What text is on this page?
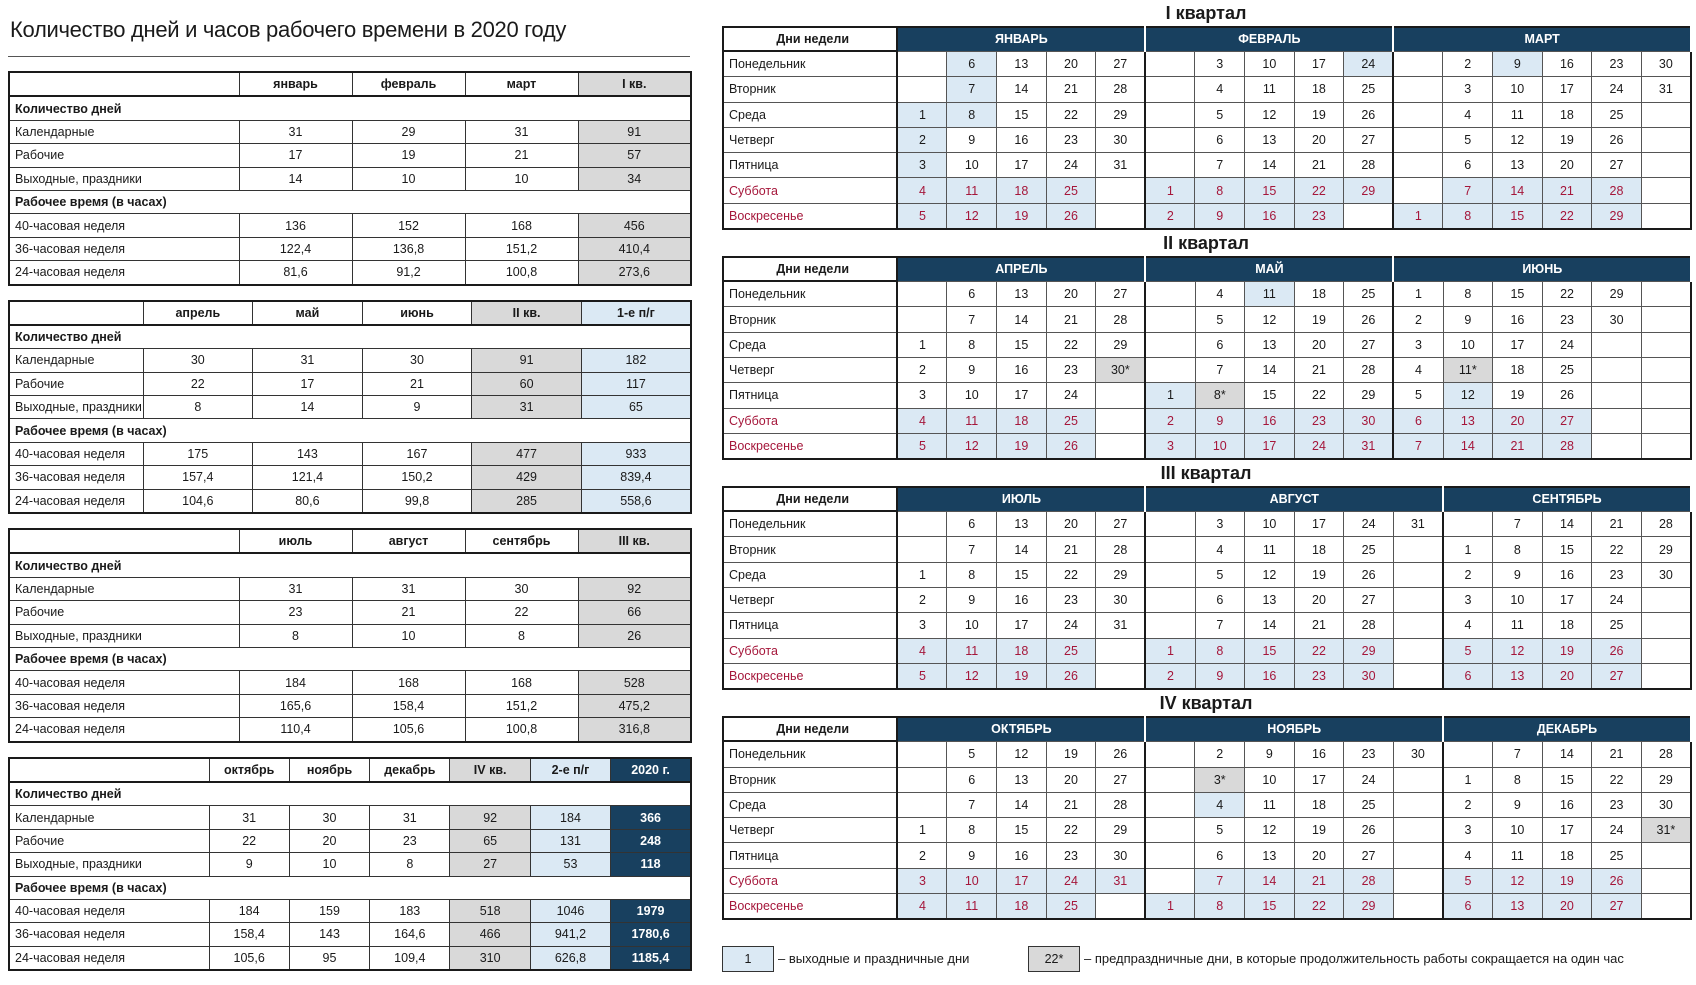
Количество дней и часов рабочего времени в 2020 году
	январь	февраль	март	I кв.
Количество дней				
Календарные	31	29	31	91
Рабочие	17	19	21	57
Выходные, праздники	14	10	10	34
Рабочее время (в часах)				
40-часовая неделя	136	152	168	456
36-часовая неделя	122,4	136,8	151,2	410,4
24-часовая неделя	81,6	91,2	100,8	273,6
	апрель	май	июнь	II кв.	1-е п/г
Количество дней					
Календарные	30	31	30	91	182
Рабочие	22	17	21	60	117
Выходные, праздники	8	14	9	31	65
Рабочее время (в часах)					
40-часовая неделя	175	143	167	477	933
36-часовая неделя	157,4	121,4	150,2	429	839,4
24-часовая неделя	104,6	80,6	99,8	285	558,6
	июль	август	сентябрь	III кв.
Количество дней				
Календарные	31	31	30	92
Рабочие	23	21	22	66
Выходные, праздники	8	10	8	26
Рабочее время (в часах)				
40-часовая неделя	184	168	168	528
36-часовая неделя	165,6	158,4	151,2	475,2
24-часовая неделя	110,4	105,6	100,8	316,8
	октябрь	ноябрь	декабрь	IV кв.	2-е п/г	2020 г.
Количество дней						
Календарные	31	30	31	92	184	366
Рабочие	22	20	23	65	131	248
Выходные, праздники	9	10	8	27	53	118
Рабочее время (в часах)						
40-часовая неделя	184	159	183	518	1046	1979
36-часовая неделя	158,4	143	164,6	466	941,2	1780,6
24-часовая неделя	105,6	95	109,4	310	626,8	1185,4
I квартал
Дни недели	ЯНВАРЬ					ФЕВРАЛЬ					МАРТ					
Понедельник		6	13	20	27		3	10	17	24		2	9	16	23	30
Вторник		7	14	21	28		4	11	18	25		3	10	17	24	31
Среда	1	8	15	22	29		5	12	19	26		4	11	18	25	
Четверг	2	9	16	23	30		6	13	20	27		5	12	19	26	
Пятница	3	10	17	24	31		7	14	21	28		6	13	20	27	
Суббота	4	11	18	25		1	8	15	22	29		7	14	21	28	
Воскресенье	5	12	19	26		2	9	16	23		1	8	15	22	29	
II квартал
Дни недели	АПРЕЛЬ					МАЙ					ИЮНЬ					
Понедельник		6	13	20	27		4	11	18	25	1	8	15	22	29	
Вторник		7	14	21	28		5	12	19	26	2	9	16	23	30	
Среда	1	8	15	22	29		6	13	20	27	3	10	17	24		
Четверг	2	9	16	23	30*		7	14	21	28	4	11*	18	25		
Пятница	3	10	17	24		1	8*	15	22	29	5	12	19	26		
Суббота	4	11	18	25		2	9	16	23	30	6	13	20	27		
Воскресенье	5	12	19	26		3	10	17	24	31	7	14	21	28		
III квартал
Дни недели	ИЮЛЬ					АВГУСТ						СЕНТЯБРЬ				
Понедельник		6	13	20	27		3	10	17	24	31		7	14	21	28
Вторник		7	14	21	28		4	11	18	25		1	8	15	22	29
Среда	1	8	15	22	29		5	12	19	26		2	9	16	23	30
Четверг	2	9	16	23	30		6	13	20	27		3	10	17	24	
Пятница	3	10	17	24	31		7	14	21	28		4	11	18	25	
Суббота	4	11	18	25		1	8	15	22	29		5	12	19	26	
Воскресенье	5	12	19	26		2	9	16	23	30		6	13	20	27	
IV квартал
Дни недели	ОКТЯБРЬ					НОЯБРЬ						ДЕКАБРЬ				
Понедельник		5	12	19	26		2	9	16	23	30		7	14	21	28
Вторник		6	13	20	27		3*	10	17	24		1	8	15	22	29
Среда		7	14	21	28		4	11	18	25		2	9	16	23	30
Четверг	1	8	15	22	29		5	12	19	26		3	10	17	24	31*
Пятница	2	9	16	23	30		6	13	20	27		4	11	18	25	
Суббота	3	10	17	24	31		7	14	21	28		5	12	19	26	
Воскресенье	4	11	18	25		1	8	15	22	29		6	13	20	27	
1	– выходные и праздничные дни	22*	– предпраздничные дни, в которые продолжительность работы сокращается на один час
